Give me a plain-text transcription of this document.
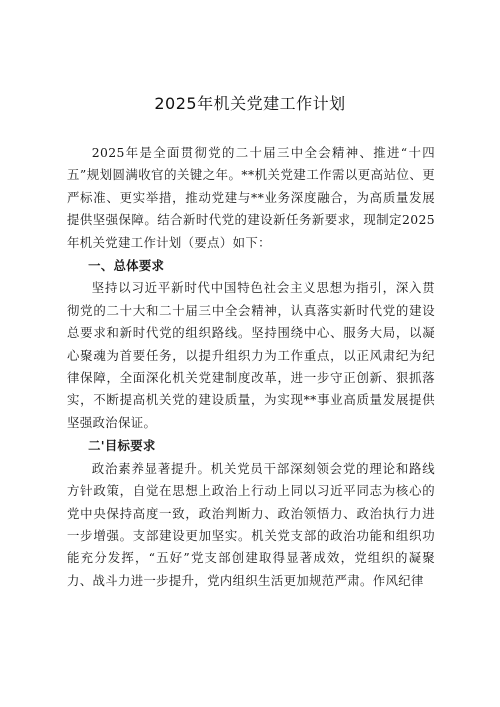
2025年机关党建工作计划

2025年是全面贯彻党的二十届三中全会精神、推进“十四五”规划圆满收官的关键之年。**机关党建工作需以更高站位、更严标准、更实举措，推动党建与**业务深度融合，为高质量发展提供坚强保障。结合新时代党的建设新任务新要求，现制定2025年机关党建工作计划（要点）如下：

一、总体要求

坚持以习近平新时代中国特色社会主义思想为指引，深入贯彻党的二十大和二十届三中全会精神，认真落实新时代党的建设总要求和新时代党的组织路线。坚持围绕中心、服务大局，以凝心聚魂为首要任务，以提升组织力为工作重点，以正风肃纪为纪律保障，全面深化机关党建制度改革，进一步守正创新、狠抓落实，不断提高机关党的建设质量，为实现**事业高质量发展提供坚强政治保证。

二'目标要求

政治素养显著提升。机关党员干部深刻领会党的理论和路线方针政策，自觉在思想上政治上行动上同以习近平同志为核心的党中央保持高度一致，政治判断力、政治领悟力、政治执行力进一步增强。支部建设更加坚实。机关党支部的政治功能和组织功能充分发挥，“五好”党支部创建取得显著成效，党组织的凝聚力、战斗力进一步提升，党内组织生活更加规范严肃。作风纪律
